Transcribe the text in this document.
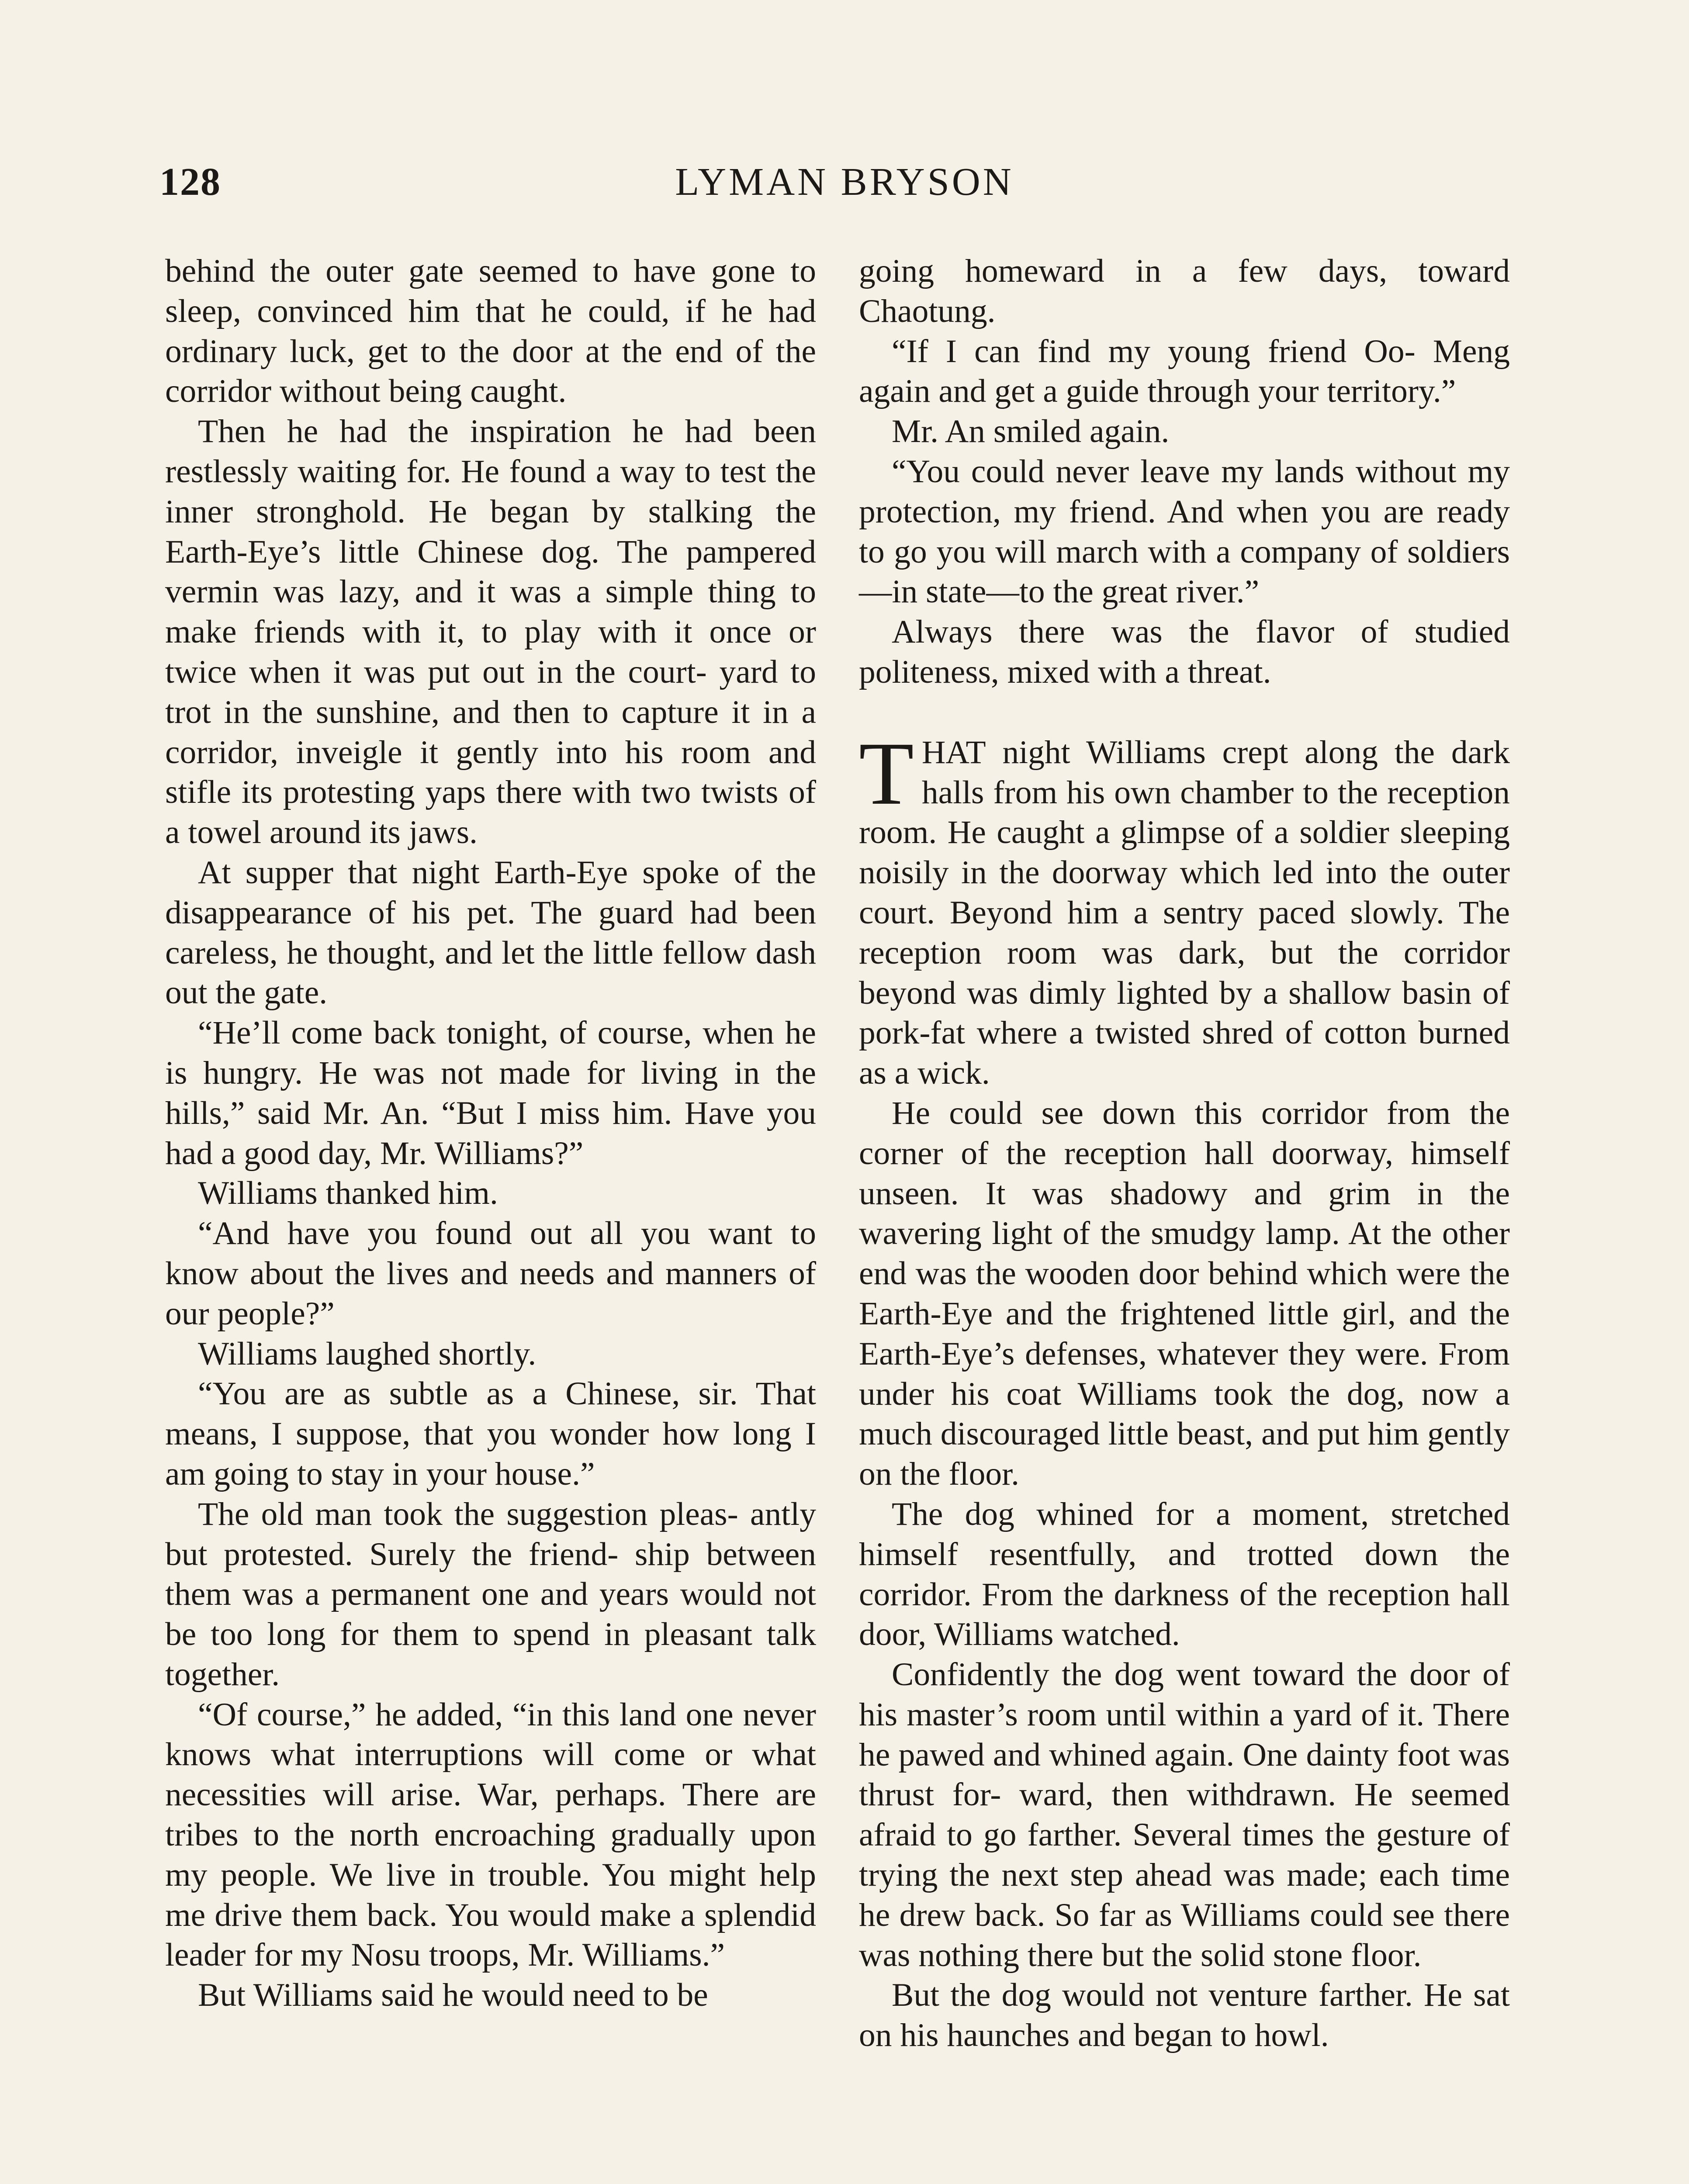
128	LYMAN BRYSON

behind the outer gate seemed to have gone to sleep, convinced him that he could, if he had ordinary luck, get to the door at the end of the corridor without being caught.

Then he had the inspiration he had been restlessly waiting for. He found a way to test the inner stronghold. He began by stalking the Earth-Eye’s little Chinese dog. The pampered vermin was lazy, and it was a simple thing to make friends with it, to play with it once or twice when it was put out in the court- yard to trot in the sunshine, and then to capture it in a corridor, inveigle it gently into his room and stifle its protesting yaps there with two twists of a towel around its jaws.

At supper that night Earth-Eye spoke of the disappearance of his pet. The guard had been careless, he thought, and let the little fellow dash out the gate.

“He’ll come back tonight, of course, when he is hungry. He was not made for living in the hills,” said Mr. An. “But I miss him. Have you had a good day, Mr. Williams?”

Williams thanked him.

“And have you found out all you want to know about the lives and needs and manners of our people?”

Williams laughed shortly.

“You are as subtle as a Chinese, sir. That means, I suppose, that you wonder how long I am going to stay in your house.”

The old man took the suggestion pleas- antly but protested. Surely the friend- ship between them was a permanent one and years would not be too long for them to spend in pleasant talk together.

“Of course,” he added, “in this land one never knows what interruptions will come or what necessities will arise. War, perhaps. There are tribes to the north encroaching gradually upon my people. We live in trouble. You might help me drive them back. You would make a splendid leader for my Nosu troops, Mr. Williams.”

But Williams said he would need to be

going homeward in a few days, toward Chaotung.

“If I can find my young friend Oo- Meng again and get a guide through your territory.”

Mr. An smiled again.

“You could never leave my lands without my protection, my friend. And when you are ready to go you will march with a company of soldiers—in state—to the great river.”

Always there was the flavor of studied politeness, mixed with a threat.

THAT night Williams crept along the dark halls from his own chamber to the reception room. He caught a glimpse of a soldier sleeping noisily in the doorway which led into the outer court. Beyond him a sentry paced slowly. The reception room was dark, but the corridor beyond was dimly lighted by a shallow basin of pork-fat where a twisted shred of cotton burned as a wick.

He could see down this corridor from the corner of the reception hall doorway, himself unseen. It was shadowy and grim in the wavering light of the smudgy lamp. At the other end was the wooden door behind which were the Earth-Eye and the frightened little girl, and the Earth-Eye’s defenses, whatever they were. From under his coat Williams took the dog, now a much discouraged little beast, and put him gently on the floor.

The dog whined for a moment, stretched himself resentfully, and trotted down the corridor. From the darkness of the reception hall door, Williams watched.

Confidently the dog went toward the door of his master’s room until within a yard of it. There he pawed and whined again. One dainty foot was thrust for- ward, then withdrawn. He seemed afraid to go farther. Several times the gesture of trying the next step ahead was made; each time he drew back. So far as Williams could see there was nothing there but the solid stone floor.

But the dog would not venture farther. He sat on his haunches and began to howl.
